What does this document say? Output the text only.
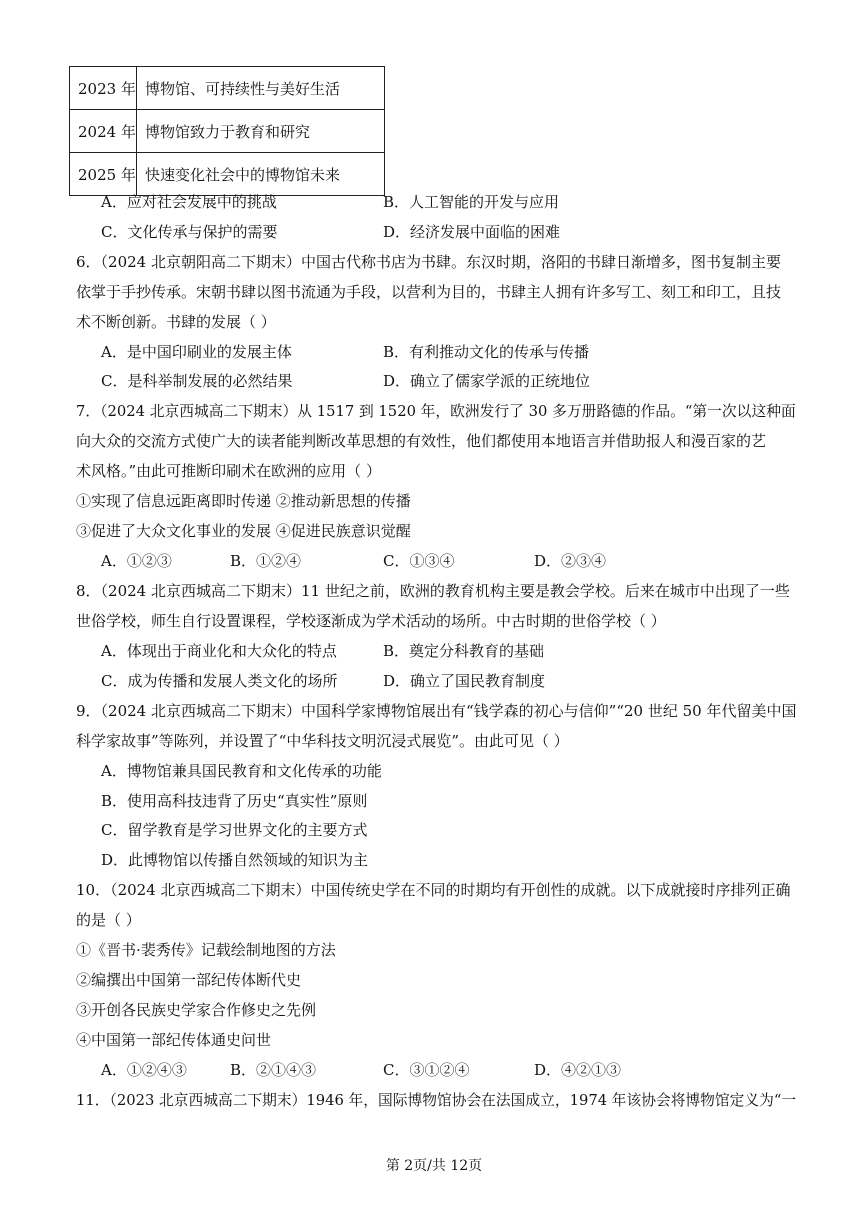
2023 年	博物馆、可持续性与美好生活
2024 年	博物馆致力于教育和研究
2025 年	快速变化社会中的博物馆未来
A．应对社会发展中的挑战	B．人工智能的开发与应用
C．文化传承与保护的需要	D．经济发展中面临的困难
6．（2024 北京朝阳高二下期末）中国古代称书店为书肆。东汉时期，洛阳的书肆日渐增多，图书复制主要
依掌于手抄传承。宋朝书肆以图书流通为手段，以营利为目的，书肆主人拥有许多写工、刻工和印工，且技
术不断创新。书肆的发展（ ）
A．是中国印刷业的发展主体	B．有利推动文化的传承与传播
C．是科举制发展的必然结果	D．确立了儒家学派的正统地位
7．（2024 北京西城高二下期末）从 1517 到 1520 年，欧洲发行了 30 多万册路德的作品。“第一次以这种面
向大众的交流方式使广大的读者能判断改革思想的有效性，他们都使用本地语言并借助报人和漫百家的艺
术风格。”由此可推断印刷术在欧洲的应用（ ）
①实现了信息远距离即时传递 ②推动新思想的传播
③促进了大众文化事业的发展 ④促进民族意识觉醒
A．①②③	B．①②④	C．①③④	D．②③④
8．（2024 北京西城高二下期末）11 世纪之前，欧洲的教育机构主要是教会学校。后来在城市中出现了一些
世俗学校，师生自行设置课程，学校逐渐成为学术活动的场所。中古时期的世俗学校（ ）
A．体现出于商业化和大众化的特点	B．奠定分科教育的基础
C．成为传播和发展人类文化的场所	D．确立了国民教育制度
9．（2024 北京西城高二下期末）中国科学家博物馆展出有“钱学森的初心与信仰”“20 世纪 50 年代留美中国
科学家故事”等陈列，并设置了“中华科技文明沉浸式展览”。由此可见（ ）
A．博物馆兼具国民教育和文化传承的功能
B．使用高科技违背了历史“真实性”原则
C．留学教育是学习世界文化的主要方式
D．此博物馆以传播自然领域的知识为主
10．（2024 北京西城高二下期末）中国传统史学在不同的时期均有开创性的成就。以下成就接时序排列正确
的是（ ）
①《晋书·裴秀传》记载绘制地图的方法
②编撰出中国第一部纪传体断代史
③开创各民族史学家合作修史之先例
④中国第一部纪传体通史问世
A．①②④③	B．②①④③	C．③①②④	D．④②①③
11．（2023 北京西城高二下期末）1946 年，国际博物馆协会在法国成立，1974 年该协会将博物馆定义为“一
第 2页/共 12页
